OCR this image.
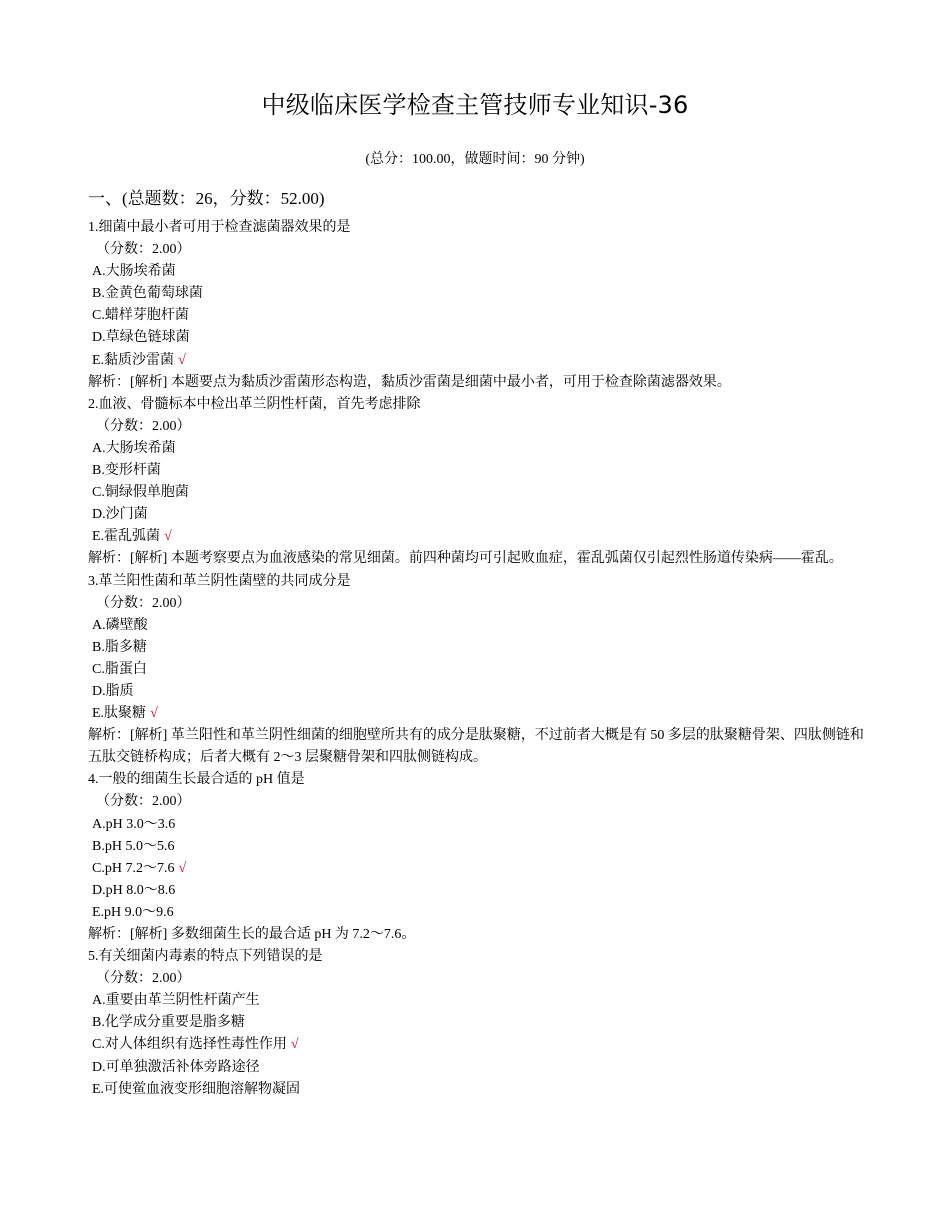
中级临床医学检查主管技师专业知识-36
(总分：100.00，做题时间：90 分钟)
一、(总题数：26，分数：52.00)
1.细菌中最小者可用于检查滤菌器效果的是
（分数：2.00）
A.大肠埃希菌
B.金黄色葡萄球菌
C.蜡样芽胞杆菌
D.草绿色链球菌
E.黏质沙雷菌 √
解析：[解析] 本题要点为黏质沙雷菌形态构造，黏质沙雷菌是细菌中最小者，可用于检查除菌滤器效果。
2.血液、骨髓标本中检出革兰阴性杆菌，首先考虑排除
（分数：2.00）
A.大肠埃希菌
B.变形杆菌
C.铜绿假单胞菌
D.沙门菌
E.霍乱弧菌 √
解析：[解析] 本题考察要点为血液感染的常见细菌。前四种菌均可引起败血症，霍乱弧菌仅引起烈性肠道传染病——霍乱。
3.革兰阳性菌和革兰阴性菌壁的共同成分是
（分数：2.00）
A.磷壁酸
B.脂多糖
C.脂蛋白
D.脂质
E.肽聚糖 √
解析：[解析] 革兰阳性和革兰阴性细菌的细胞壁所共有的成分是肽聚糖，不过前者大概是有 50 多层的肽聚糖骨架、四肽侧链和
五肽交链桥构成；后者大概有 2～3 层聚糖骨架和四肽侧链构成。
4.一般的细菌生长最合适的 pH 值是
（分数：2.00）
A.pH 3.0～3.6
B.pH 5.0～5.6
C.pH 7.2～7.6 √
D.pH 8.0～8.6
E.pH 9.0～9.6
解析：[解析] 多数细菌生长的最合适 pH 为 7.2～7.6。
5.有关细菌内毒素的特点下列错误的是
（分数：2.00）
A.重要由革兰阴性杆菌产生
B.化学成分重要是脂多糖
C.对人体组织有选择性毒性作用 √
D.可单独激活补体旁路途径
E.可使鲎血液变形细胞溶解物凝固
